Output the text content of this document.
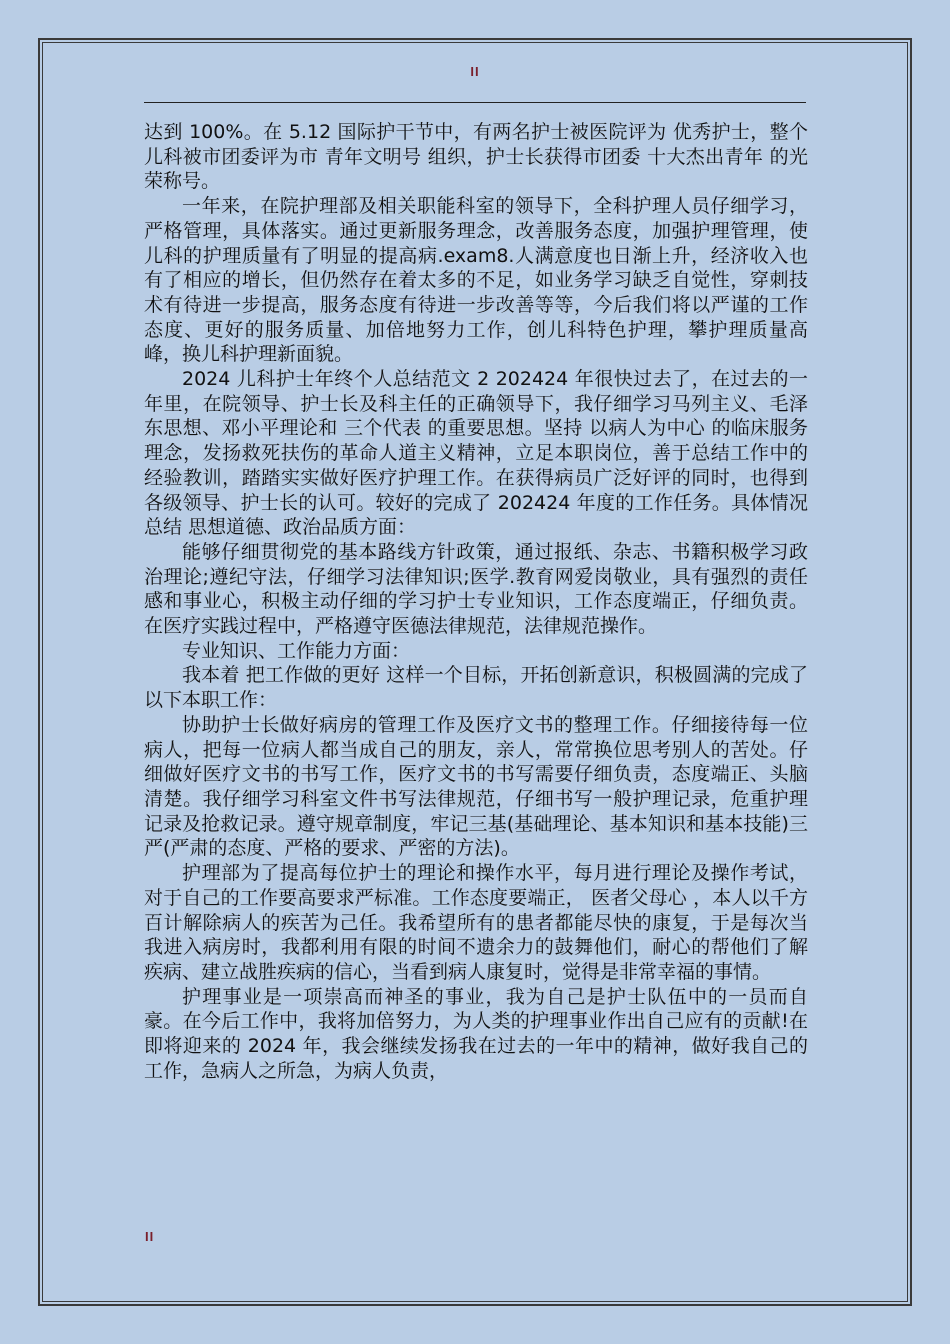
II

达到 100%。在 5.12 国际护干节中，有两名护士被医院评为 优秀护士，整个儿科被市团委评为市 青年文明号 组织，护士长获得市团委 十大杰出青年 的光荣称号。

一年来，在院护理部及相关职能科室的领导下，全科护理人员仔细学习，严格管理，具体落实。通过更新服务理念，改善服务态度，加强护理管理，使儿科的护理质量有了明显的提高病.exam8.人满意度也日渐上升，经济收入也有了相应的增长，但仍然存在着太多的不足，如业务学习缺乏自觉性，穿刺技术有待进一步提高，服务态度有待进一步改善等等，今后我们将以严谨的工作态度、更好的服务质量、加倍地努力工作，创儿科特色护理，攀护理质量高峰，换儿科护理新面貌。

2024 儿科护士年终个人总结范文 2 202424 年很快过去了，在过去的一年里，在院领导、护士长及科主任的正确领导下，我仔细学习马列主义、毛泽东思想、邓小平理论和 三个代表 的重要思想。坚持 以病人为中心 的临床服务理念，发扬救死扶伤的革命人道主义精神，立足本职岗位，善于总结工作中的经验教训，踏踏实实做好医疗护理工作。在获得病员广泛好评的同时，也得到各级领导、护士长的认可。较好的完成了 202424 年度的工作任务。具体情况总结 思想道德、政治品质方面：

能够仔细贯彻党的基本路线方针政策，通过报纸、杂志、书籍积极学习政治理论;遵纪守法，仔细学习法律知识;医学.教育网爱岗敬业，具有强烈的责任感和事业心，积极主动仔细的学习护士专业知识，工作态度端正，仔细负责。在医疗实践过程中，严格遵守医德法律规范，法律规范操作。

专业知识、工作能力方面：

我本着 把工作做的更好 这样一个目标，开拓创新意识，积极圆满的完成了以下本职工作：

协助护士长做好病房的管理工作及医疗文书的整理工作。仔细接待每一位病人，把每一位病人都当成自己的朋友，亲人，常常换位思考别人的苦处。仔细做好医疗文书的书写工作，医疗文书的书写需要仔细负责，态度端正、头脑清楚。我仔细学习科室文件书写法律规范，仔细书写一般护理记录，危重护理记录及抢救记录。遵守规章制度，牢记三基(基础理论、基本知识和基本技能)三严(严肃的态度、严格的要求、严密的方法)。

护理部为了提高每位护士的理论和操作水平，每月进行理论及操作考试，对于自己的工作要高要求严标准。工作态度要端正， 医者父母心 ，本人以千方百计解除病人的疾苦为己任。我希望所有的患者都能尽快的康复，于是每次当我进入病房时，我都利用有限的时间不遗余力的鼓舞他们，耐心的帮他们了解疾病、建立战胜疾病的信心，当看到病人康复时，觉得是非常幸福的事情。

护理事业是一项崇高而神圣的事业，我为自己是护士队伍中的一员而自豪。在今后工作中，我将加倍努力，为人类的护理事业作出自己应有的贡献!在即将迎来的 2024 年，我会继续发扬我在过去的一年中的精神，做好我自己的工作，急病人之所急，为病人负责，

II
